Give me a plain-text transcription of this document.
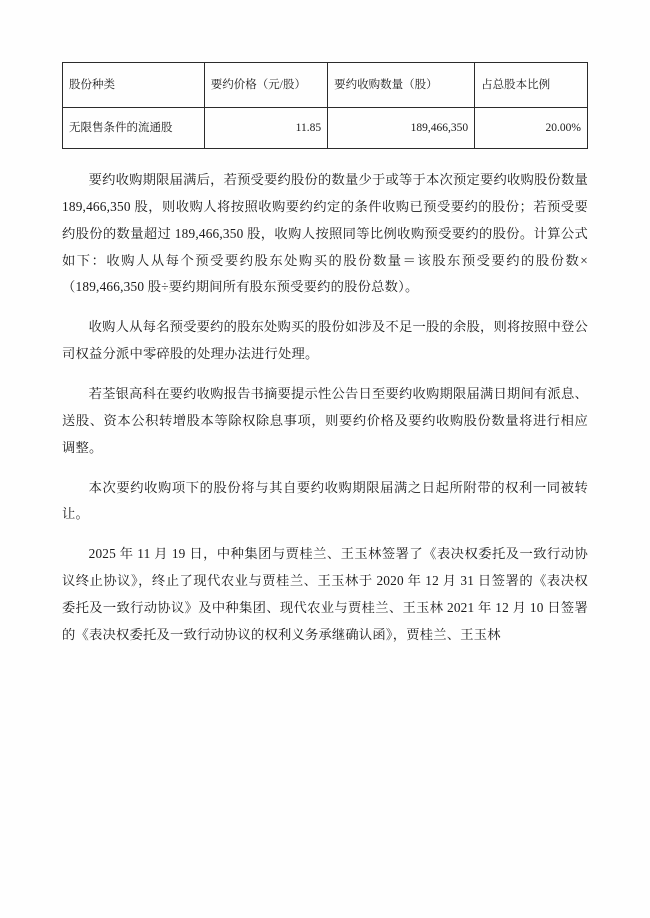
股份种类	要约价格（元/股）	要约收购数量（股）	占总股本比例
无限售条件的流通股	11.85	189,466,350	20.00%

要约收购期限届满后，若预受要约股份的数量少于或等于本次预定要约收购股份数量 189,466,350 股，则收购人将按照收购要约约定的条件收购已预受要约的股份；若预受要约股份的数量超过 189,466,350 股，收购人按照同等比例收购预受要约的股份。计算公式如下：收购人从每个预受要约股东处购买的股份数量＝该股东预受要约的股份数×（189,466,350 股÷要约期间所有股东预受要约的股份总数）。

收购人从每名预受要约的股东处购买的股份如涉及不足一股的余股，则将按照中登公司权益分派中零碎股的处理办法进行处理。

若荃银高科在要约收购报告书摘要提示性公告日至要约收购期限届满日期间有派息、送股、资本公积转增股本等除权除息事项，则要约价格及要约收购股份数量将进行相应调整。

本次要约收购项下的股份将与其自要约收购期限届满之日起所附带的权利一同被转让。

2025 年 11 月 19 日，中种集团与贾桂兰、王玉林签署了《表决权委托及一致行动协议终止协议》，终止了现代农业与贾桂兰、王玉林于 2020 年 12 月 31 日签署的《表决权委托及一致行动协议》及中种集团、现代农业与贾桂兰、王玉林 2021 年 12 月 10 日签署的《表决权委托及一致行动协议的权利义务承继确认函》，贾桂兰、王玉林
